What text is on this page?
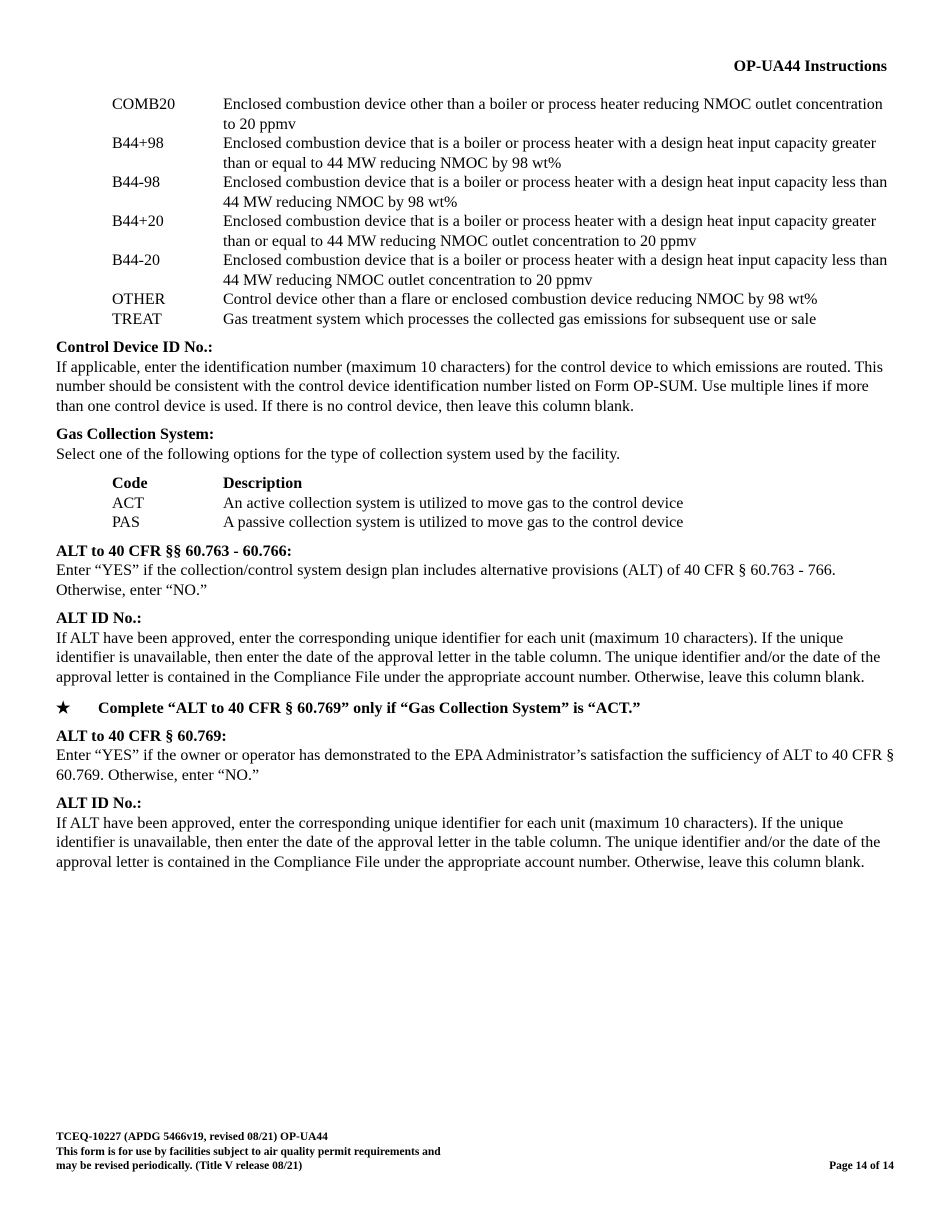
OP-UA44 Instructions
COMB20	Enclosed combustion device other than a boiler or process heater reducing NMOC outlet concentration to 20 ppmv
B44+98	Enclosed combustion device that is a boiler or process heater with a design heat input capacity greater than or equal to 44 MW reducing NMOC by 98 wt%
B44-98	Enclosed combustion device that is a boiler or process heater with a design heat input capacity less than 44 MW reducing NMOC by 98 wt%
B44+20	Enclosed combustion device that is a boiler or process heater with a design heat input capacity greater than or equal to 44 MW reducing NMOC outlet concentration to 20 ppmv
B44-20	Enclosed combustion device that is a boiler or process heater with a design heat input capacity less than 44 MW reducing NMOC outlet concentration to 20 ppmv
OTHER	Control device other than a flare or enclosed combustion device reducing NMOC by 98 wt%
TREAT	Gas treatment system which processes the collected gas emissions for subsequent use or sale
Control Device ID No.:
If applicable, enter the identification number (maximum 10 characters) for the control device to which emissions are routed. This number should be consistent with the control device identification number listed on Form OP-SUM. Use multiple lines if more than one control device is used. If there is no control device, then leave this column blank.
Gas Collection System:
Select one of the following options for the type of collection system used by the facility.
Code	Description
ACT	An active collection system is utilized to move gas to the control device
PAS	A passive collection system is utilized to move gas to the control device
ALT to 40 CFR §§ 60.763 - 60.766:
Enter “YES” if the collection/control system design plan includes alternative provisions (ALT) of 40 CFR § 60.763 - 766. Otherwise, enter “NO.”
ALT ID No.:
If ALT have been approved, enter the corresponding unique identifier for each unit (maximum 10 characters). If the unique identifier is unavailable, then enter the date of the approval letter in the table column. The unique identifier and/or the date of the approval letter is contained in the Compliance File under the appropriate account number. Otherwise, leave this column blank.
★	Complete “ALT to 40 CFR § 60.769” only if “Gas Collection System” is “ACT.”
ALT to 40 CFR § 60.769:
Enter “YES” if the owner or operator has demonstrated to the EPA Administrator’s satisfaction the sufficiency of ALT to 40 CFR § 60.769. Otherwise, enter “NO.”
ALT ID No.:
If ALT have been approved, enter the corresponding unique identifier for each unit (maximum 10 characters). If the unique identifier is unavailable, then enter the date of the approval letter in the table column. The unique identifier and/or the date of the approval letter is contained in the Compliance File under the appropriate account number. Otherwise, leave this column blank.
TCEQ-10227 (APDG 5466v19, revised 08/21) OP-UA44
This form is for use by facilities subject to air quality permit requirements and
may be revised periodically. (Title V release 08/21)	Page 14 of 14
